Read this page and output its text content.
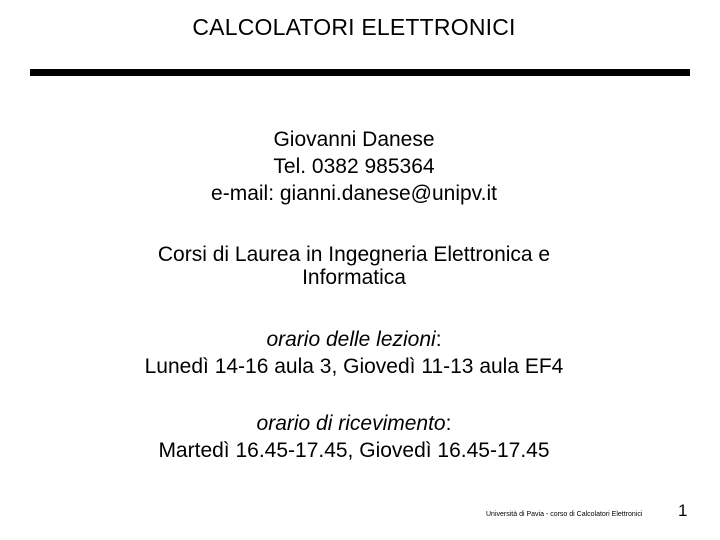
CALCOLATORI ELETTRONICI
Giovanni Danese
Tel. 0382 985364
e-mail: gianni.danese@unipv.it
Corsi di Laurea in Ingegneria Elettronica e
Informatica
orario delle lezioni:
Lunedì 14-16 aula 3, Giovedì 11-13 aula EF4
orario di ricevimento:
Martedì 16.45-17.45, Giovedì 16.45-17.45
Università di Pavia - corso di Calcolatori Elettronici 1
